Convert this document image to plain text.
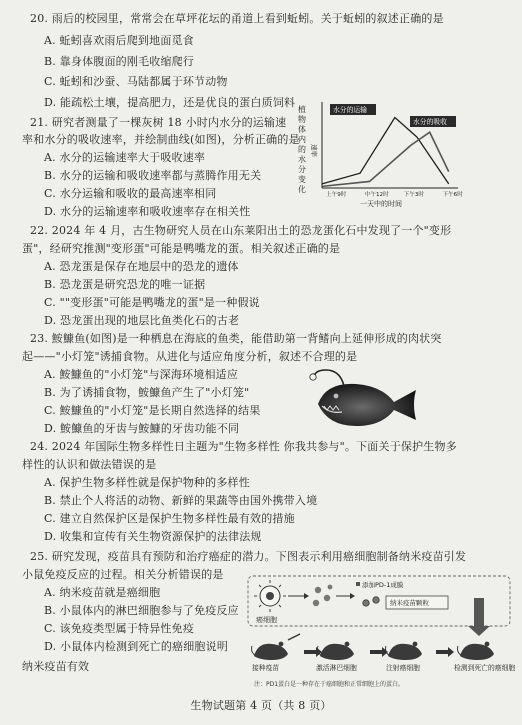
20. 雨后的校园里，常常会在草坪花坛的甬道上看到蚯蚓。关于蚯蚓的叙述正确的是
A. 蚯蚓喜欢雨后爬到地面觅食
B. 靠身体腹面的刚毛收缩爬行
C. 蚯蚓和沙蚕、马陆都属于环节动物
D. 能疏松土壤，提高肥力，还是优良的蛋白质饲料
21. 研究者测量了一棵灰树 18 小时内水分的运输速
率和水分的吸收速率，并绘制曲线(如图)，分析正确的是
A. 水分的运输速率大于吸收速率
B. 水分的运输和吸收速率都与蒸腾作用无关
C. 水分运输和吸收的最高速率相同
D. 水分的运输速率和吸收速率存在相关性
植
物
体
内
的
水
分
变
化
速率
水分的运输
水分的吸收
上午9时	中午12时	下午3时	下午6时
一天中的时间
22. 2024 年 4 月，古生物研究人员在山东莱阳出土的恐龙蛋化石中发现了一个"变形
蛋"，经研究推测"变形蛋"可能是鸭嘴龙的蛋。相关叙述正确的是
A. 恐龙蛋是保存在地层中的恐龙的遗体
B. 恐龙蛋是研究恐龙的唯一证据
C. ""变形蛋"可能是鸭嘴龙的蛋"是一种假说
D. 恐龙蛋出现的地层比鱼类化石的古老
23. 鮟鱇鱼(如图)是一种栖息在海底的鱼类，能借助第一背鳍向上延伸形成的肉状突
起——"小灯笼"诱捕食物。从进化与适应角度分析，叙述不合理的是
A. 鮟鱇鱼的"小灯笼"与深海环境相适应
B. 为了诱捕食物，鮟鱇鱼产生了"小灯笼"
C. 鮟鱇鱼的"小灯笼"是长期自然选择的结果
D. 鮟鱇鱼的牙齿与鮟鱇的牙齿功能不同
24. 2024 年国际生物多样性日主题为"生物多样性 你我共参与"。下面关于保护生物多
样性的认识和做法错误的是
A. 保护生物多样性就是保护物种的多样性
B. 禁止个人将活的动物、新鲜的果蔬等由国外携带入境
C. 建立自然保护区是保护生物多样性最有效的措施
D. 收集和宣传有关生物资源保护的法律法规
25. 研究发现，疫苗具有预防和治疗癌症的潜力。下图表示利用癌细胞制备纳米疫苗引发
小鼠免疫反应的过程。相关分析错误的是
A. 纳米疫苗就是癌细胞
B. 小鼠体内的淋巴细胞参与了免疫反应
C. 该免疫类型属于特异性免疫
D. 小鼠体内检测到死亡的癌细胞说明
纳米疫苗有效
癌细胞
添加PD-1成膜
纳米疫苗颗粒
接种疫苗	激活淋巴细胞	注射癌细胞	检测到死亡的癌细胞
注：PD1蛋白是一种存在于癌细胞和正常细胞上的蛋白。
生物试题第 4 页（共 8 页）
